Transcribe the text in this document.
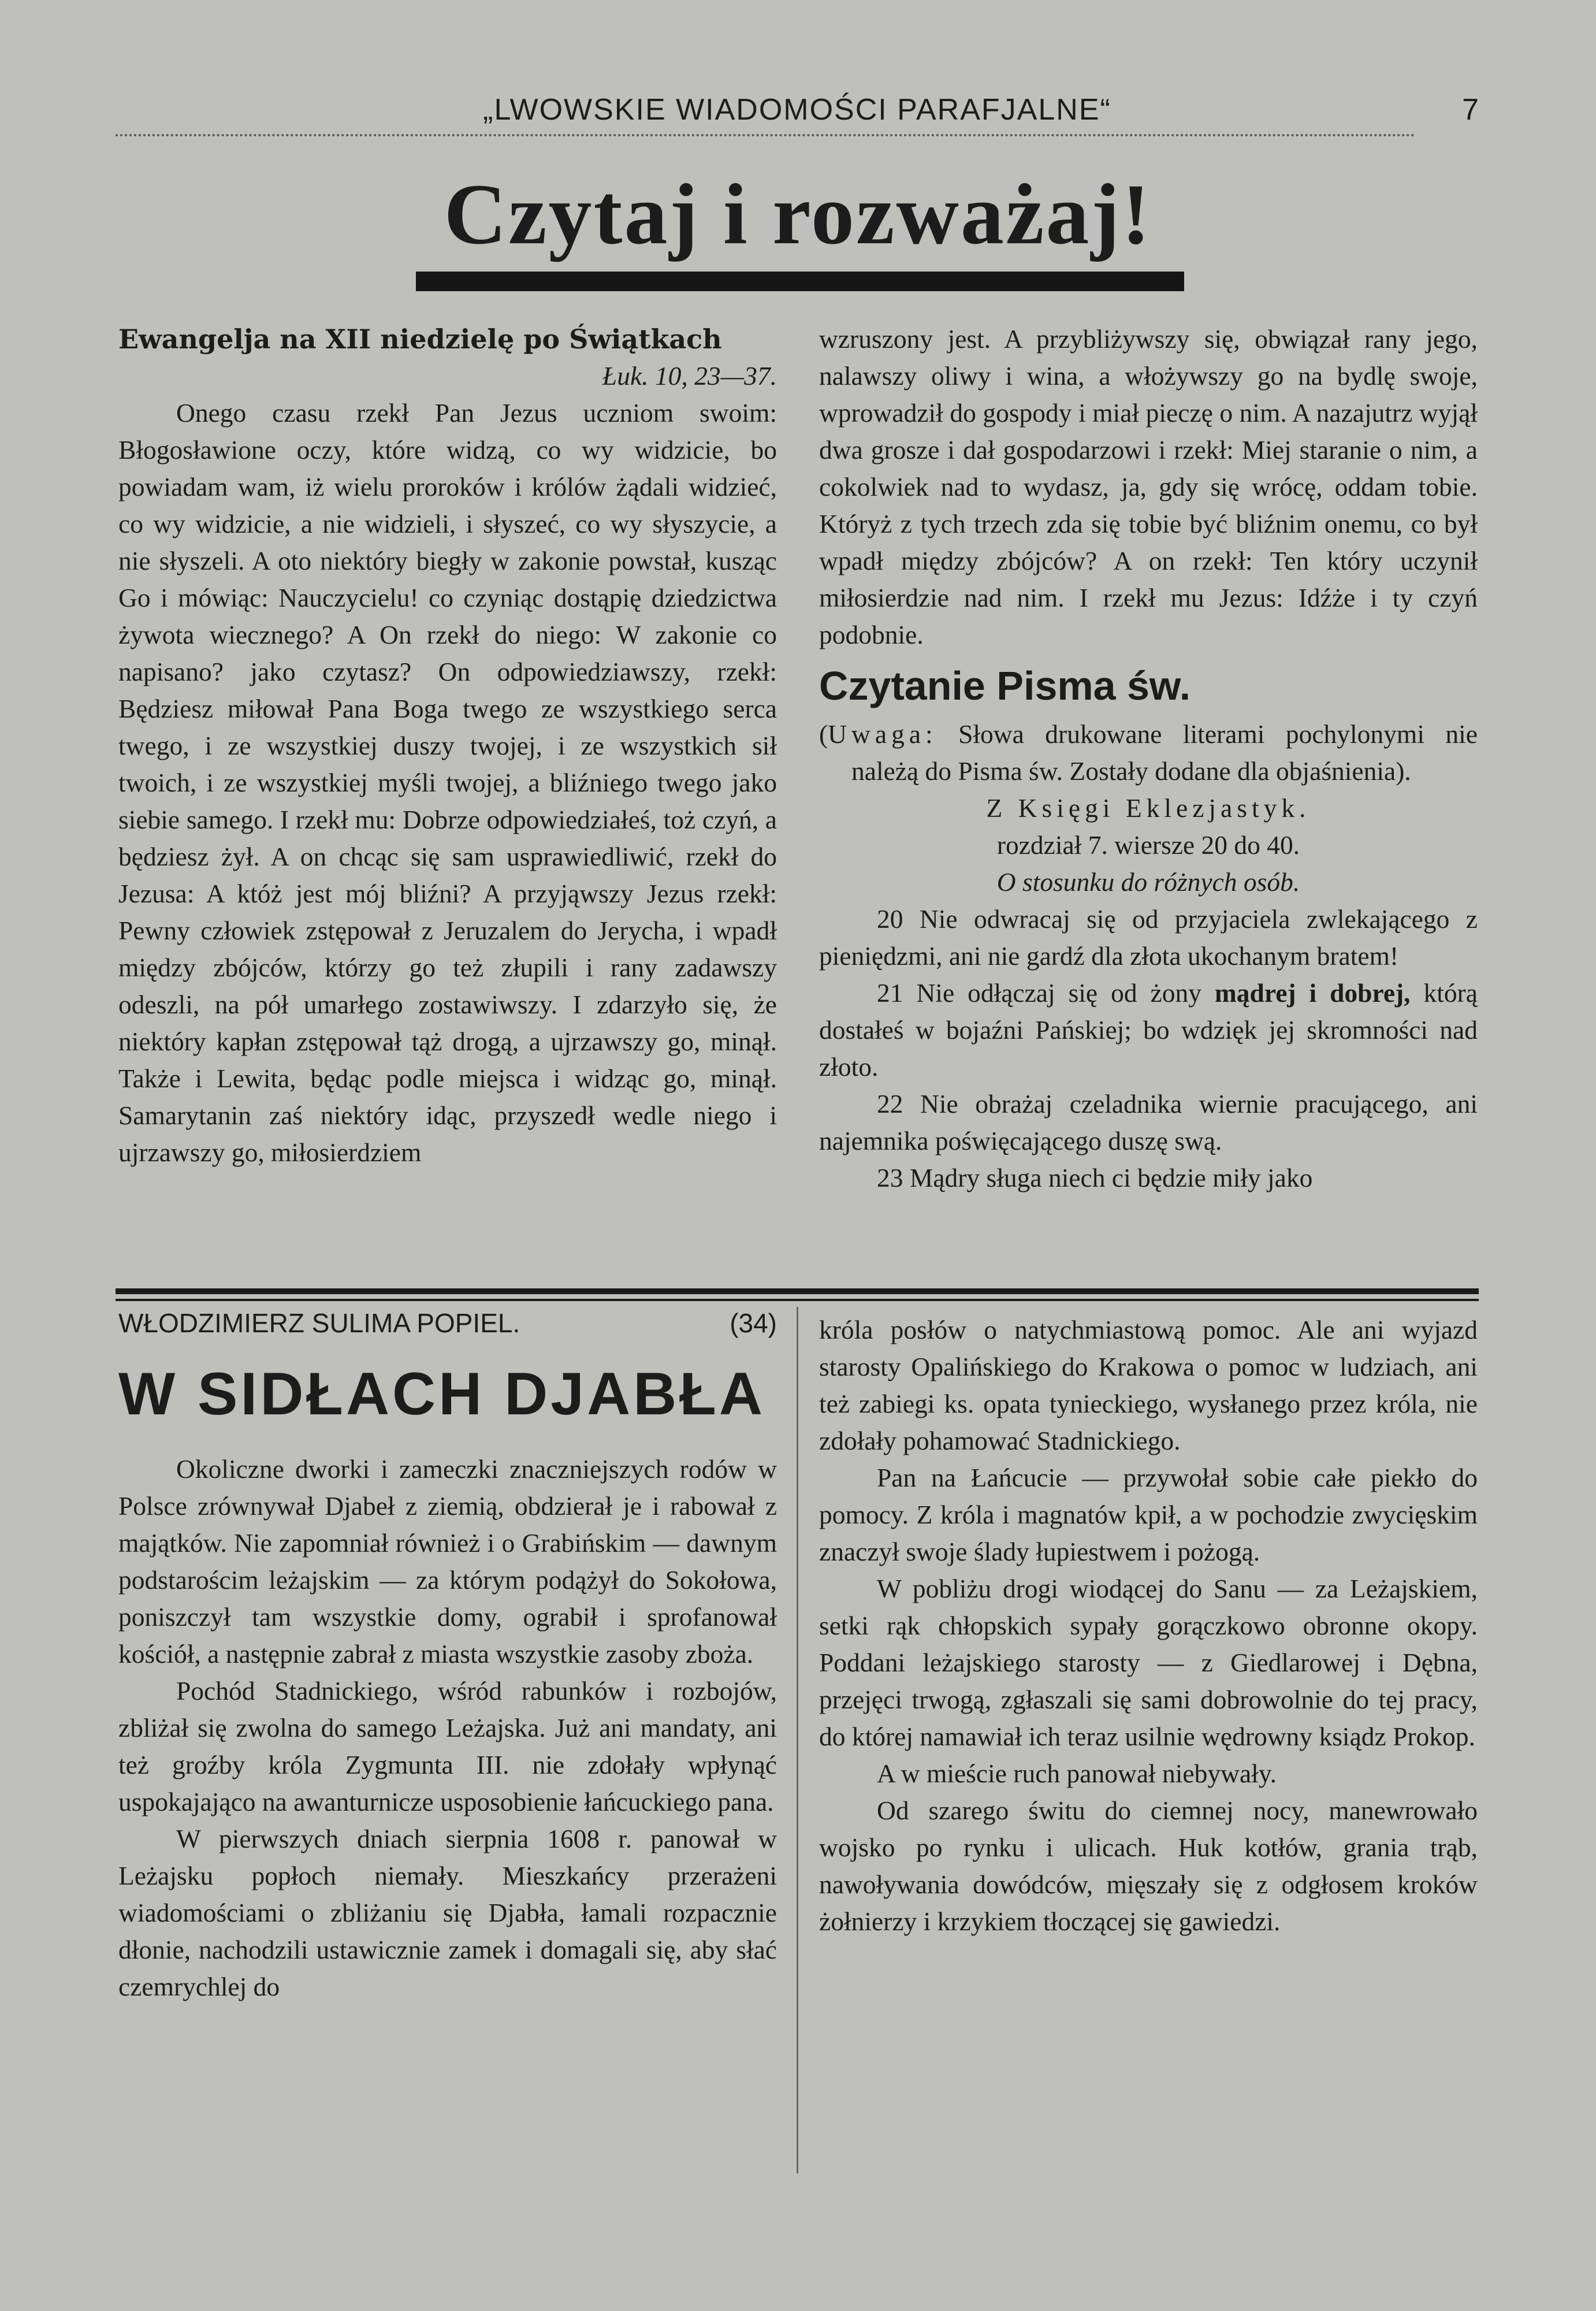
„LWOWSKIE WIADOMOŚCI PARAFJALNE“	7
Czytaj i rozważaj!

Ewangelja na XII niedzielę po Świątkach

Łuk. 10, 23—37.

Onego czasu rzekł Pan Jezus uczniom swoim: Błogosławione oczy, które widzą, co wy widzicie, bo powiadam wam, iż wielu proroków i królów żądali widzieć, co wy widzicie, a nie widzieli, i słyszeć, co wy słyszycie, a nie słyszeli. A oto niektóry biegły w zakonie powstał, kusząc Go i mówiąc: Nauczycielu! co czyniąc dostąpię dziedzictwa żywota wiecznego? A On rzekł do niego: W zakonie co napisano? jako czytasz? On odpowiedziawszy, rzekł: Będziesz miłował Pana Boga twego ze wszystkiego serca twego, i ze wszystkiej duszy twojej, i ze wszystkich sił twoich, i ze wszystkiej myśli twojej, a bliźniego twego jako siebie samego. I rzekł mu: Dobrze odpowiedziałeś, toż czyń, a będziesz żył. A on chcąc się sam usprawiedliwić, rzekł do Jezusa: A któż jest mój bliźni? A przyjąwszy Jezus rzekł: Pewny człowiek zstępował z Jeruzalem do Jerycha, i wpadł między zbójców, którzy go też złupili i rany zadawszy odeszli, na pół umarłego zostawiwszy. I zdarzyło się, że niektóry kapłan zstępował tąż drogą, a ujrzawszy go, minął. Także i Lewita, będąc podle miejsca i widząc go, minął. Samarytanin zaś niektóry idąc, przyszedł wedle niego i ujrzawszy go, miłosierdziem

wzruszony jest. A przybliżywszy się, obwiązał rany jego, nalawszy oliwy i wina, a włożywszy go na bydlę swoje, wprowadził do gospody i miał pieczę o nim. A nazajutrz wyjął dwa grosze i dał gospodarzowi i rzekł: Miej staranie o nim, a cokolwiek nad to wydasz, ja, gdy się wrócę, oddam tobie. Któryż z tych trzech zda się tobie być bliźnim onemu, co był wpadł między zbójców? A on rzekł: Ten który uczynił miłosierdzie nad nim. I rzekł mu Jezus: Idźże i ty czyń podobnie.

Czytanie Pisma św.

(Uwaga: Słowa drukowane literami pochylonymi nie należą do Pisma św. Zostały dodane dla objaśnienia).

Z Księgi Eklezjastyk.

rozdział 7. wiersze 20 do 40.

O stosunku do różnych osób.

20 Nie odwracaj się od przyjaciela zwlekającego z pieniędzmi, ani nie gardź dla złota ukochanym bratem!

21 Nie odłączaj się od żony mądrej i dobrej, którą dostałeś w bojaźni Pańskiej; bo wdzięk jej skromności nad złoto.

22 Nie obrażaj czeladnika wiernie pracującego, ani najemnika poświęcającego duszę swą.

23 Mądry sługa niech ci będzie miły jako

WŁODZIMIERZ SULIMA POPIEL.	(34)

W SIDŁACH DJABŁA

Okoliczne dworki i zameczki znaczniejszych rodów w Polsce zrównywał Djabeł z ziemią, obdzierał je i rabował z majątków. Nie zapomniał również i o Grabińskim — dawnym podstarościm leżajskim — za którym podążył do Sokołowa, poniszczył tam wszystkie domy, ograbił i sprofanował kościół, a następnie zabrał z miasta wszystkie zasoby zboża.

Pochód Stadnickiego, wśród rabunków i rozbojów, zbliżał się zwolna do samego Leżajska. Już ani mandaty, ani też groźby króla Zygmunta III. nie zdołały wpłynąć uspokajająco na awanturnicze usposobienie łańcuckiego pana.

W pierwszych dniach sierpnia 1608 r. panował w Leżajsku popłoch niemały. Mieszkańcy przerażeni wiadomościami o zbliżaniu się Djabła, łamali rozpacznie dłonie, nachodzili ustawicznie zamek i domagali się, aby słać czemrychlej do

króla posłów o natychmiastową pomoc. Ale ani wyjazd starosty Opalińskiego do Krakowa o pomoc w ludziach, ani też zabiegi ks. opata tynieckiego, wysłanego przez króla, nie zdołały pohamować Stadnickiego.

Pan na Łańcucie — przywołał sobie całe piekło do pomocy. Z króla i magnatów kpił, a w pochodzie zwycięskim znaczył swoje ślady łupiestwem i pożogą.

W pobliżu drogi wiodącej do Sanu — za Leżajskiem, setki rąk chłopskich sypały gorączkowo obronne okopy. Poddani leżajskiego starosty — z Giedlarowej i Dębna, przejęci trwogą, zgłaszali się sami dobrowolnie do tej pracy, do której namawiał ich teraz usilnie wędrowny ksiądz Prokop.

A w mieście ruch panował niebywały.

Od szarego świtu do ciemnej nocy, manewrowało wojsko po rynku i ulicach. Huk kotłów, grania trąb, nawoływania dowódców, mięszały się z odgłosem kroków żołnierzy i krzykiem tłoczącej się gawiedzi.
